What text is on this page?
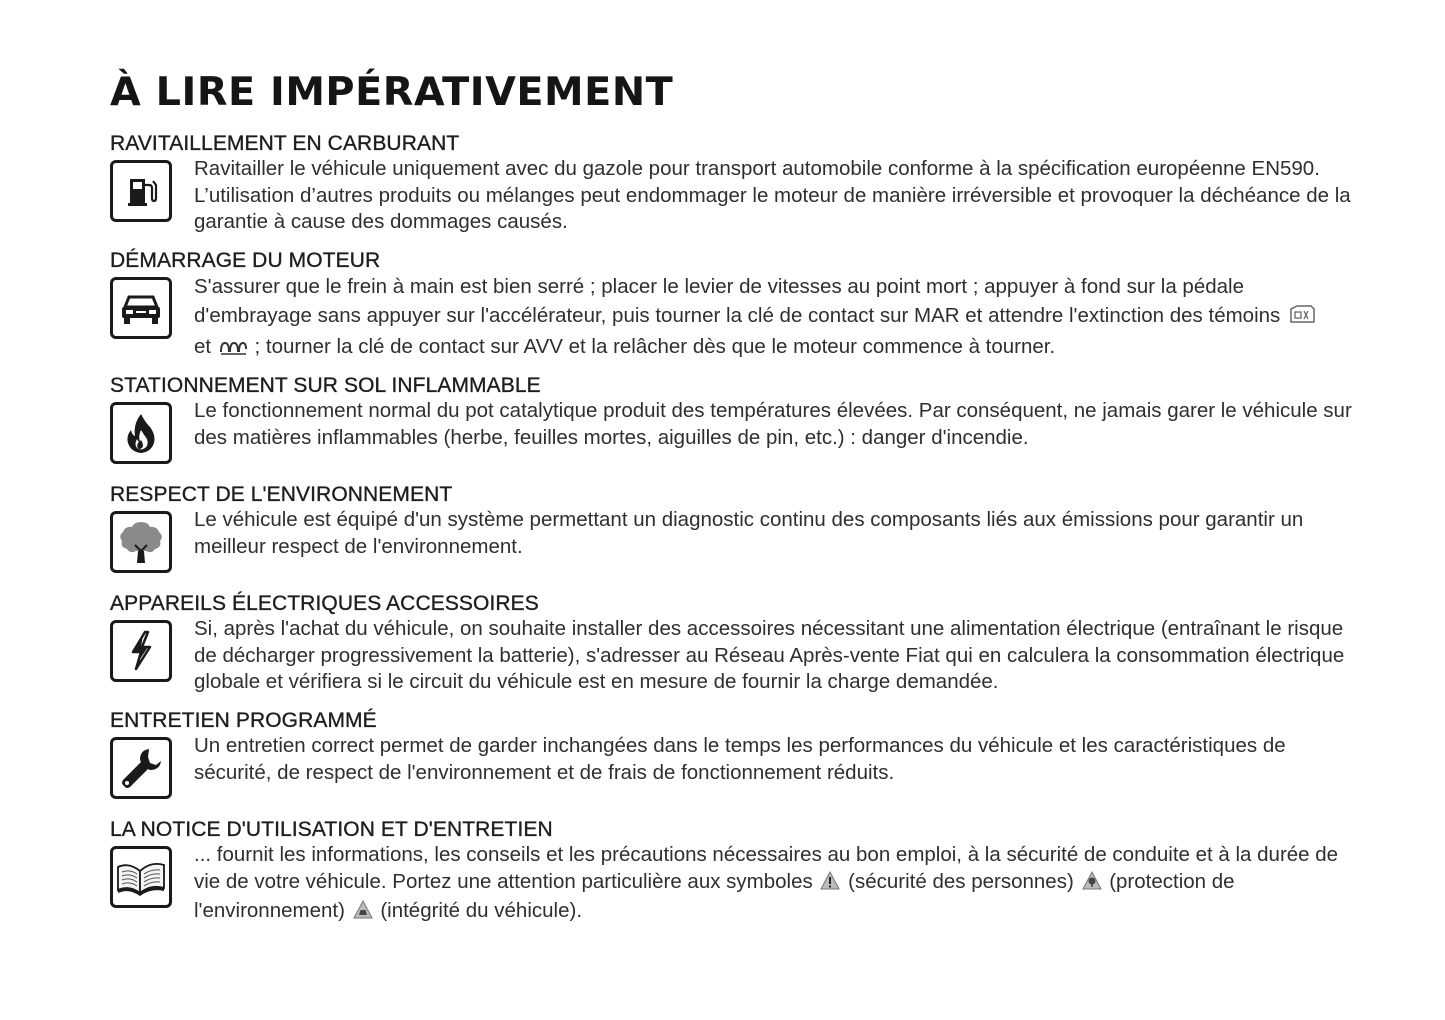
À LIRE IMPÉRATIVEMENT
RAVITAILLEMENT EN CARBURANT
Ravitailler le véhicule uniquement avec du gazole pour transport automobile conforme à la spécification européenne EN590. L’utilisation d’autres produits ou mélanges peut endommager le moteur de manière irréversible et provoquer la déchéance de la garantie à cause des dommages causés.
DÉMARRAGE DU MOTEUR
S'assurer que le frein à main est bien serré ; placer le levier de vitesses au point mort ; appuyer à fond sur la pédale d'embrayage sans appuyer sur l'accélérateur, puis tourner la clé de contact sur MAR et attendre l'extinction des témoins
et ; tourner la clé de contact sur AVV et la relâcher dès que le moteur commence à tourner.
STATIONNEMENT SUR SOL INFLAMMABLE
Le fonctionnement normal du pot catalytique produit des températures élevées. Par conséquent, ne jamais garer le véhicule sur des matières inflammables (herbe, feuilles mortes, aiguilles de pin, etc.) : danger d'incendie.
RESPECT DE L'ENVIRONNEMENT
Le véhicule est équipé d'un système permettant un diagnostic continu des composants liés aux émissions pour garantir un meilleur respect de l'environnement.
APPAREILS ÉLECTRIQUES ACCESSOIRES
Si, après l'achat du véhicule, on souhaite installer des accessoires nécessitant une alimentation électrique (entraînant le risque de décharger progressivement la batterie), s'adresser au Réseau Après-vente Fiat qui en calculera la consommation électrique globale et vérifiera si le circuit du véhicule est en mesure de fournir la charge demandée.
ENTRETIEN PROGRAMMÉ
Un entretien correct permet de garder inchangées dans le temps les performances du véhicule et les caractéristiques de sécurité, de respect de l'environnement et de frais de fonctionnement réduits.
LA NOTICE D'UTILISATION ET D'ENTRETIEN
... fournit les informations, les conseils et les précautions nécessaires au bon emploi, à la sécurité de conduite et à la durée de vie de votre véhicule. Portez une attention particulière aux symboles (sécurité des personnes) (protection de l'environnement) (intégrité du véhicule).
